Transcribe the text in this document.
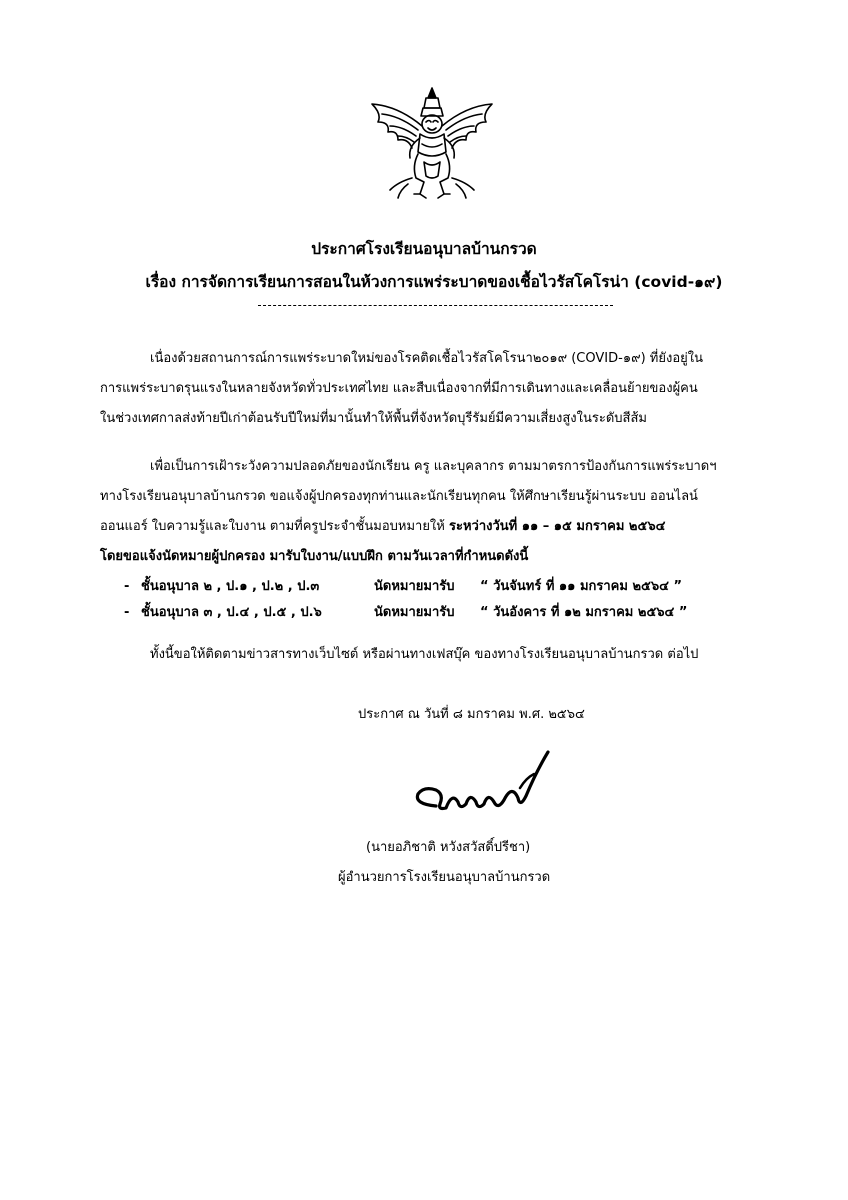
ประกาศโรงเรียนอนุบาลบ้านกรวด
เรื่อง การจัดการเรียนการสอนในห้วงการแพร่ระบาดของเชื้อไวรัสโคโรน่า (covid-๑๙)
เนื่องด้วยสถานการณ์การแพร่ระบาดใหม่ของโรคติดเชื้อไวรัสโคโรนา๒๐๑๙ (COVID-๑๙) ที่ยังอยู่ใน
การแพร่ระบาดรุนแรงในหลายจังหวัดทั่วประเทศไทย และสืบเนื่องจากที่มีการเดินทางและเคลื่อนย้ายของผู้คน
ในช่วงเทศกาลส่งท้ายปีเก่าต้อนรับปีใหม่ที่มานั้นทำให้พื้นที่จังหวัดบุรีรัมย์มีความเสี่ยงสูงในระดับสีส้ม
เพื่อเป็นการเฝ้าระวังความปลอดภัยของนักเรียน ครู และบุคลากร ตามมาตรการป้องกันการแพร่ระบาดฯ
ทางโรงเรียนอนุบาลบ้านกรวด ขอแจ้งผู้ปกครองทุกท่านและนักเรียนทุกคน ให้ศึกษาเรียนรู้ผ่านระบบ ออนไลน์
ออนแอร์ ใบความรู้และใบงาน ตามที่ครูประจำชั้นมอบหมายให้ ระหว่างวันที่ ๑๑ – ๑๕ มกราคม ๒๕๖๔
โดยขอแจ้งนัดหมายผู้ปกครอง มารับใบงาน/แบบฝึก ตามวันเวลาที่กำหนดดังนี้
- ชั้นอนุบาล ๒ , ป.๑ , ป.๒ , ป.๓	นัดหมายมารับ “ วันจันทร์ ที่ ๑๑ มกราคม ๒๕๖๔ ”
- ชั้นอนุบาล ๓ , ป.๔ , ป.๕ , ป.๖	นัดหมายมารับ “ วันอังคาร ที่ ๑๒ มกราคม ๒๕๖๔ ”
ทั้งนี้ขอให้ติดตามข่าวสารทางเว็บไซต์ หรือผ่านทางเฟสบุ๊ค ของทางโรงเรียนอนุบาลบ้านกรวด ต่อไป
ประกาศ ณ วันที่ ๘ มกราคม พ.ศ. ๒๕๖๔
(นายอภิชาติ หวังสวัสดิ์ปรีชา)
ผู้อำนวยการโรงเรียนอนุบาลบ้านกรวด
